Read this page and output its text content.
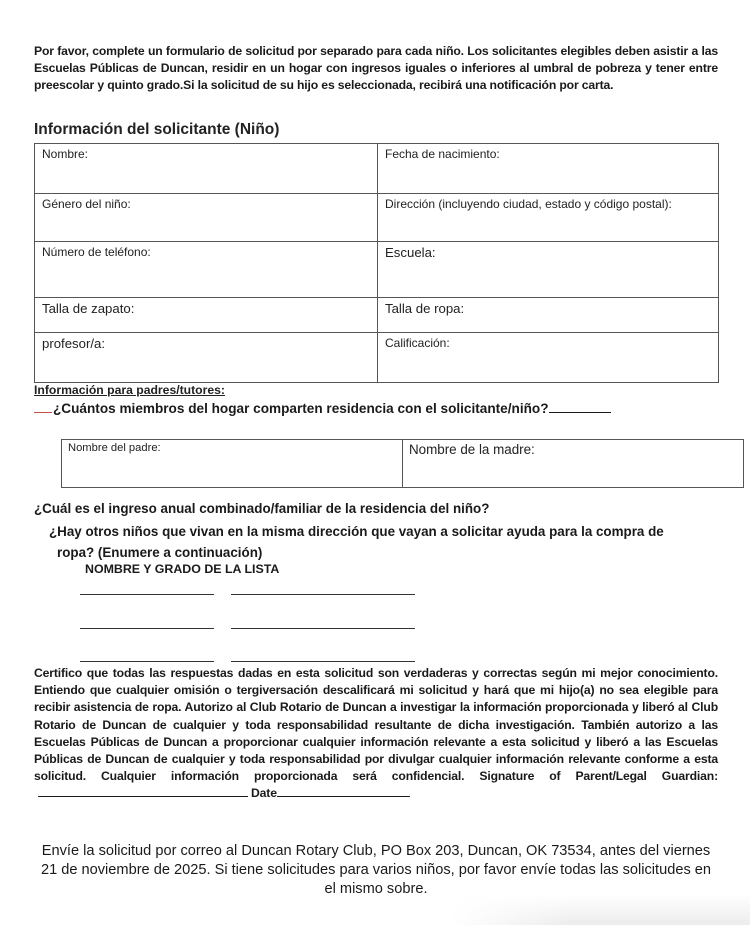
Por favor, complete un formulario de solicitud por separado para cada niño. Los solicitantes elegibles deben asistir a las Escuelas Públicas de Duncan, residir en un hogar con ingresos iguales o inferiores al umbral de pobreza y tener entre preescolar y quinto grado.Si la solicitud de su hijo es seleccionada, recibirá una notificación por carta.

Información del solicitante (Niño)
Nombre:	Fecha de nacimiento:
Género del niño:	Dirección (incluyendo ciudad, estado y código postal):
Número de teléfono:	Escuela:
Talla de zapato:	Talla de ropa:
profesor/a:	Calificación:

Información para padres/tutores:

¿Cuántos miembros del hogar comparten residencia con el solicitante/niño?

Nombre del padre:	Nombre de la madre:

¿Cuál es el ingreso anual combinado/familiar de la residencia del niño?

¿Hay otros niños que vivan en la misma dirección que vayan a solicitar ayuda para la compra de
ropa? (Enumere a continuación)

NOMBRE Y GRADO DE LA LISTA

Certifico que todas las respuestas dadas en esta solicitud son verdaderas y correctas según mi mejor conocimiento. Entiendo que cualquier omisión o tergiversación descalificará mi solicitud y hará que mi hijo(a) no sea elegible para recibir asistencia de ropa. Autorizo al Club Rotario de Duncan a investigar la información proporcionada y liberó al Club Rotario de Duncan de cualquier y toda responsabilidad resultante de dicha investigación. También autorizo a las Escuelas Públicas de Duncan a proporcionar cualquier información relevante a esta solicitud y liberó a las Escuelas Públicas de Duncan de cualquier y toda responsabilidad por divulgar cualquier información relevante conforme a esta solicitud. Cualquier información proporcionada será confidencial. Signature of Parent/Legal Guardian:Date

Envíe la solicitud por correo al Duncan Rotary Club, PO Box 203, Duncan, OK 73534, antes del viernes 21 de noviembre de 2025. Si tiene solicitudes para varios niños, por favor envíe todas las solicitudes en el mismo sobre.
